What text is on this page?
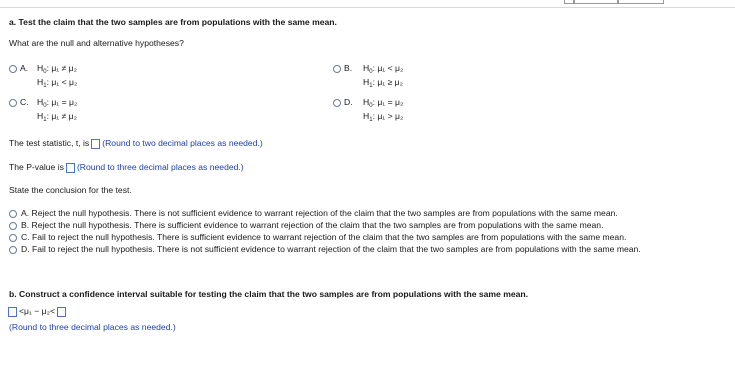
a. Test the claim that the two samples are from populations with the same mean.
What are the null and alternative hypotheses?
A. $H_0$: μ₁ ≠ μ₂
$H_1$: μ₁ < μ₂
B. $H_0$: μ₁ < μ₂
$H_1$: μ₁ ≥ μ₂
C. $H_0$: μ₁ = μ₂
$H_1$: μ₁ ≠ μ₂
D. $H_0$: μ₁ = μ₂
$H_1$: μ₁ > μ₂
The test statistic, t, is (Round to two decimal places as needed.)
The P-value is (Round to three decimal places as needed.)
State the conclusion for the test.
A. Reject the null hypothesis. There is not sufficient evidence to warrant rejection of the claim that the two samples are from populations with the same mean.
B. Reject the null hypothesis. There is sufficient evidence to warrant rejection of the claim that the two samples are from populations with the same mean.
C. Fail to reject the null hypothesis. There is sufficient evidence to warrant rejection of the claim that the two samples are from populations with the same mean.
D. Fail to reject the null hypothesis. There is not sufficient evidence to warrant rejection of the claim that the two samples are from populations with the same mean.
b. Construct a confidence interval suitable for testing the claim that the two samples are from populations with the same mean.
<μ₁ − μ₂<
(Round to three decimal places as needed.)
